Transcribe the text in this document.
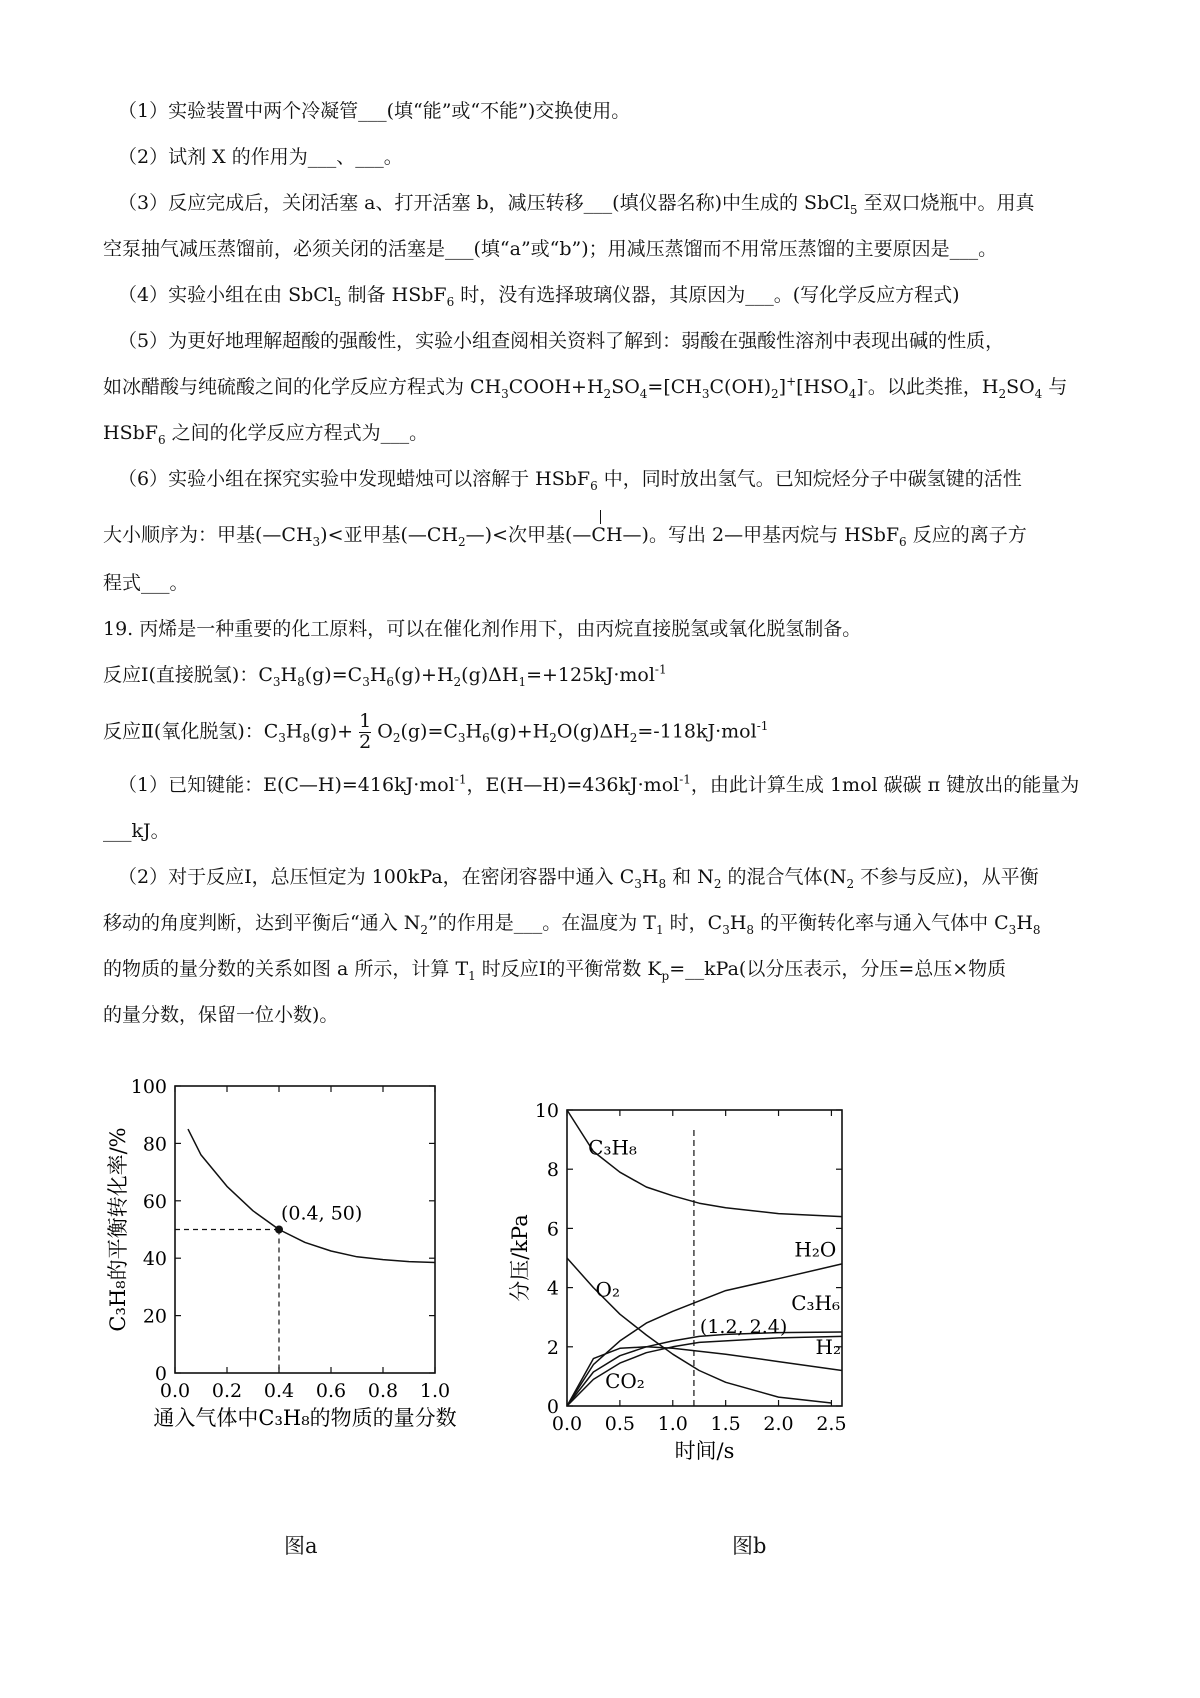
（1）实验装置中两个冷凝管___(填“能”或“不能”)交换使用。
（2）试剂 X 的作用为___、___。
（3）反应完成后，关闭活塞 a、打开活塞 b，减压转移___(填仪器名称)中生成的 SbCl$_5$ 至双口烧瓶中。用真
空泵抽气减压蒸馏前，必须关闭的活塞是___(填“a”或“b”)；用减压蒸馏而不用常压蒸馏的主要原因是___。
（4）实验小组在由 SbCl$_5$ 制备 HSbF$_6$ 时，没有选择玻璃仪器，其原因为___。(写化学反应方程式)
（5）为更好地理解超酸的强酸性，实验小组查阅相关资料了解到：弱酸在强酸性溶剂中表现出碱的性质，
如冰醋酸与纯硫酸之间的化学反应方程式为 $CH_3COOH+H_2SO_4=[CH_3C(OH)_2]^+[HSO_4]^-$。以此类推，$H_2SO_4$ 与
HSbF$_6$ 之间的化学反应方程式为___。
（6）实验小组在探究实验中发现蜡烛可以溶解于 HSbF$_6$ 中，同时放出氢气。已知烷烃分子中碳氢键的活性
大小顺序为：甲基$(—CH_3)<$亚甲基$(—CH_2—)<$次甲基(
—CH—)。写出 2—甲基丙烷与 HSbF$_6$ 反应的离子方
程式___。
19. 丙烯是一种重要的化工原料，可以在催化剂作用下，由丙烷直接脱氢或氧化脱氢制备。
反应Ⅰ(直接脱氢)：$C_3H_8(g)=C_3H_6(g)+H_2(g)\Delta H_1=+125kJ\cdot mol^{-1}$
反应Ⅱ(氧化脱氢)：$C_3H_8(g)+ \frac{1}{2} O_2(g)=C_3H_6(g)+H_2O(g)\Delta H_2=-118kJ\cdot mol^{-1}$
（1）已知键能：E(C—H)=416kJ·mol$^{-1}$，E(H—H)=436kJ·mol$^{-1}$，由此计算生成 1mol 碳碳 π 键放出的能量为
___kJ。
（2）对于反应Ⅰ，总压恒定为 100kPa，在密闭容器中通入 $C_3H_8$ 和 $N_2$ 的混合气体($N_2$ 不参与反应)，从平衡
移动的角度判断，达到平衡后“通入 $N_2$”的作用是___。在温度为 $T_1$ 时，$C_3H_8$ 的平衡转化率与通入气体中 $C_3H_8$
的物质的量分数的关系如图 a 所示，计算 $T_1$ 时反应Ⅰ的平衡常数 $K_p=\_\_kPa$(以分压表示，分压=总压×物质
的量分数，保留一位小数)。
0.0 0.2 0.4 0.6 0.8 1.0
0
20
40
60
80
100
通入气体中C₃H₈的物质的量分数
C₃H₈的平衡转化率/%	(0.4, 50)
图a
0.0 0.5 1.0 1.5 2.0 2.5
0
2
4
6
8
10
时间/s
分压/kPa
(1.2, 2.4)
C₃H₈
H₂O
O₂
C₃H₆
H₂
CO₂
图b
